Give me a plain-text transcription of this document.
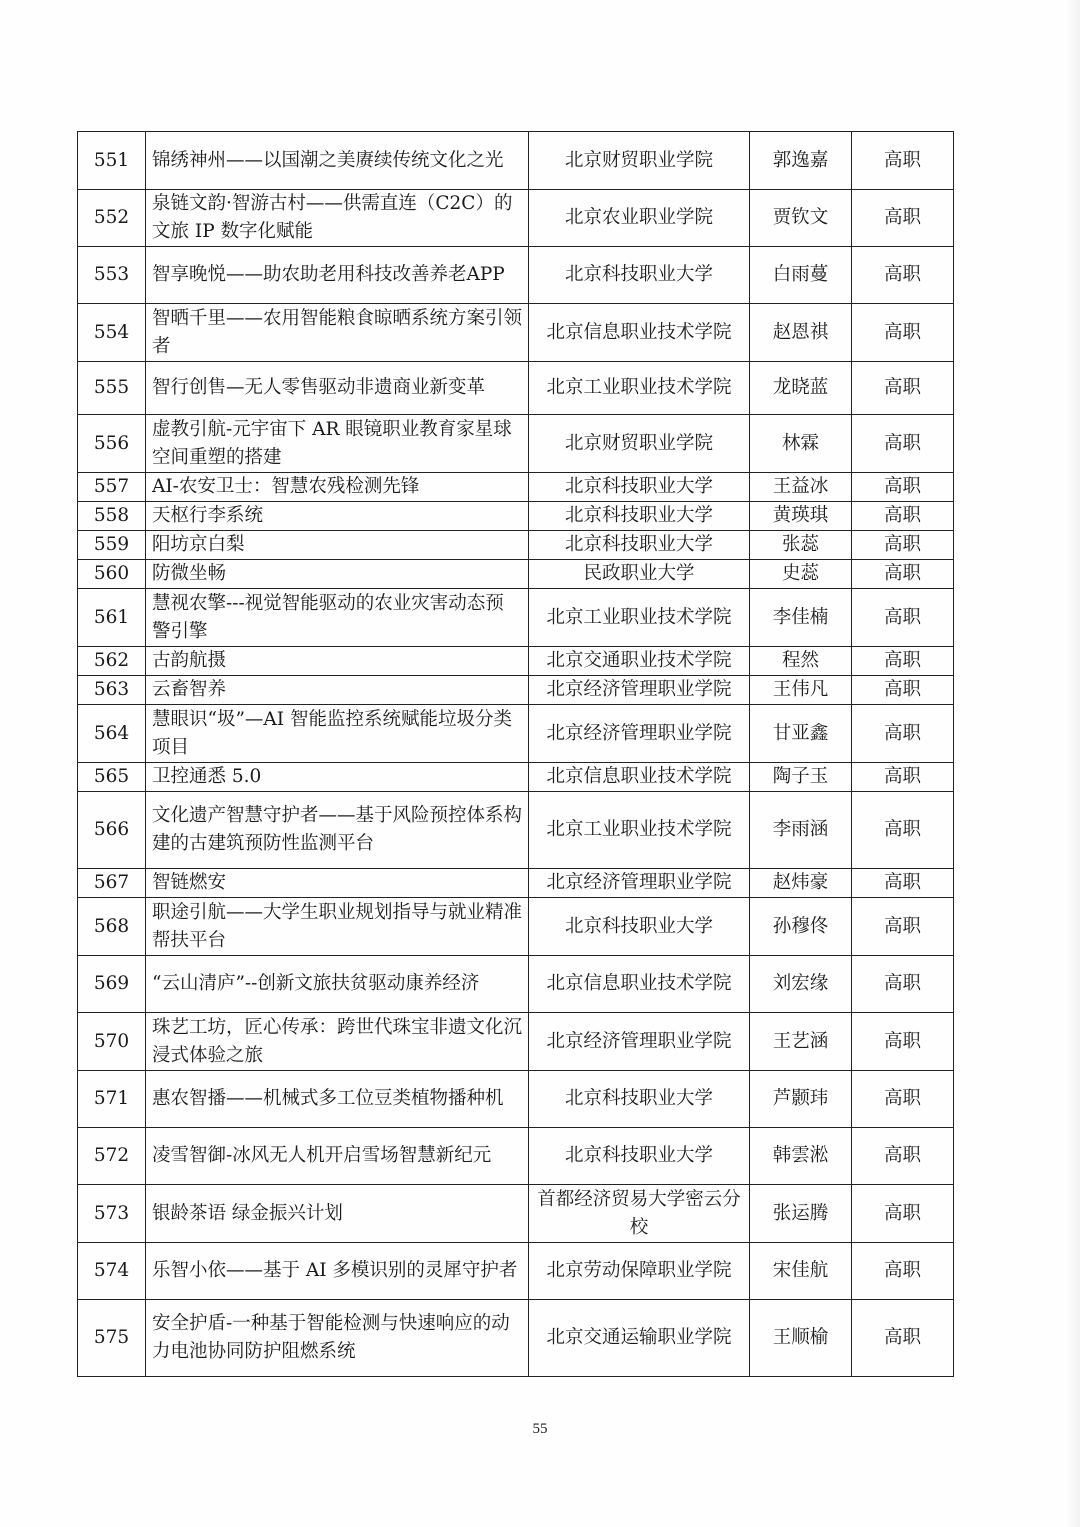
551	锦绣神州——以国潮之美赓续传统文化之光	北京财贸职业学院	郭逸嘉	高职
552	泉链文韵·智游古村——供需直连（C2C）的文旅 IP 数字化赋能	北京农业职业学院	贾钦文	高职
553	智享晚悦——助农助老用科技改善养老APP	北京科技职业大学	白雨蔓	高职
554	智晒千里——农用智能粮食晾晒系统方案引领者	北京信息职业技术学院	赵恩祺	高职
555	智行创售—无人零售驱动非遗商业新变革	北京工业职业技术学院	龙晓蓝	高职
556	虚教引航-元宇宙下 AR 眼镜职业教育家星球空间重塑的搭建	北京财贸职业学院	林霖	高职
557	AI-农安卫士：智慧农残检测先锋	北京科技职业大学	王益冰	高职
558	天枢行李系统	北京科技职业大学	黄瑛琪	高职
559	阳坊京白梨	北京科技职业大学	张蕊	高职
560	防微坐畅	民政职业大学	史蕊	高职
561	慧视农擎---视觉智能驱动的农业灾害动态预警引擎	北京工业职业技术学院	李佳楠	高职
562	古韵航摄	北京交通职业技术学院	程然	高职
563	云畜智养	北京经济管理职业学院	王伟凡	高职
564	慧眼识“圾”—AI 智能监控系统赋能垃圾分类项目	北京经济管理职业学院	甘亚鑫	高职
565	卫控通悉 5.0	北京信息职业技术学院	陶子玉	高职
566	文化遗产智慧守护者——基于风险预控体系构建的古建筑预防性监测平台	北京工业职业技术学院	李雨涵	高职
567	智链燃安	北京经济管理职业学院	赵炜豪	高职
568	职途引航——大学生职业规划指导与就业精准帮扶平台	北京科技职业大学	孙穆佟	高职
569	“云山清庐”--创新文旅扶贫驱动康养经济	北京信息职业技术学院	刘宏缘	高职
570	珠艺工坊，匠心传承：跨世代珠宝非遗文化沉浸式体验之旅	北京经济管理职业学院	王艺涵	高职
571	惠农智播——机械式多工位豆类植物播种机	北京科技职业大学	芦颢玮	高职
572	凌雪智御-冰风无人机开启雪场智慧新纪元	北京科技职业大学	韩雲淞	高职
573	银龄茶语 绿金振兴计划	首都经济贸易大学密云分校	张运腾	高职
574	乐智小依——基于 AI 多模识别的灵犀守护者	北京劳动保障职业学院	宋佳航	高职
575	安全护盾-一种基于智能检测与快速响应的动力电池协同防护阻燃系统	北京交通运输职业学院	王顺榆	高职
55
